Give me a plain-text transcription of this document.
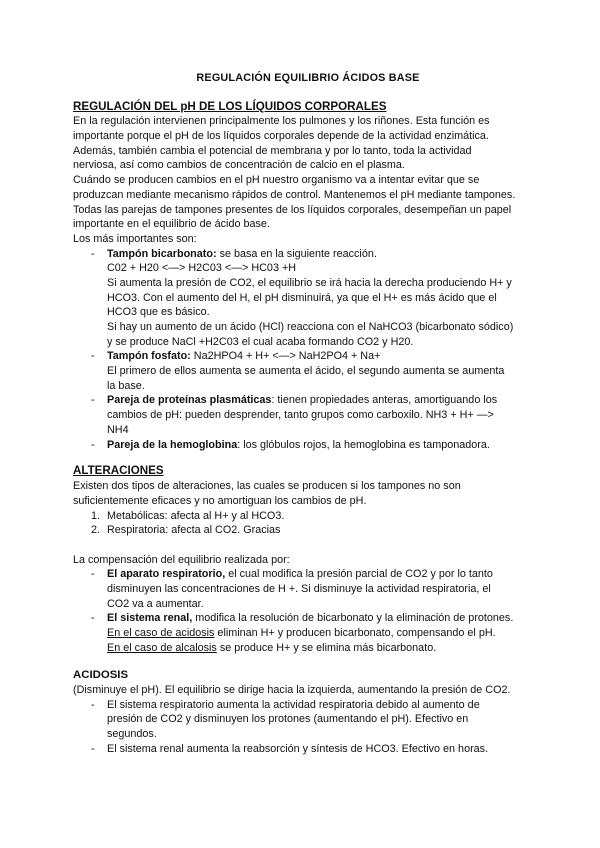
REGULACIÓN EQUILIBRIO ÁCIDOS BASE
REGULACIÓN DEL pH DE LOS LÍQUIDOS CORPORALES
En la regulación intervienen principalmente los pulmones y los riñones. Esta función es
importante porque el pH de los líquidos corporales depende de la actividad enzimática.
Además, también cambia el potencial de membrana y por lo tanto, toda la actividad
nerviosa, así como cambios de concentración de calcio en el plasma.
Cuándo se producen cambios en el pH nuestro organismo va a intentar evitar que se
produzcan mediante mecanismo rápidos de control. Mantenemos el pH mediante tampones.
Todas las parejas de tampones presentes de los líquidos corporales, desempeñan un papel
importante en el equilibrio de ácido base.
Los más importantes son:
- Tampón bicarbonato: se basa en la siguiente reacción.
C02 + H20 <—> H2C03 <—> HC03 +H
Si aumenta la presión de CO2, el equilibrio se irá hacia la derecha produciendo H+ y
HCO3. Con el aumento del H, el pH disminuirá, ya que el H+ es más ácido que el
HCO3 que es básico.
Si hay un aumento de un ácido (HCl) reacciona con el NaHCO3 (bicarbonato sódico)
y se produce NaCl +H2C03 el cual acaba formando CO2 y H20.
- Tampón fosfato: Na2HPO4 + H+ <—> NaH2PO4 + Na+
El primero de ellos aumenta se aumenta el ácido, el segundo aumenta se aumenta
la base.
- Pareja de proteínas plasmáticas: tienen propiedades anteras, amortiguando los
cambios de pH: pueden desprender, tanto grupos como carboxilo. NH3 + H+ —>
NH4
- Pareja de la hemoglobina: los glóbulos rojos, la hemoglobina es tamponadora.
ALTERACIONES
Existen dos tipos de alteraciones, las cuales se producen si los tampones no son
suficientemente eficaces y no amortiguan los cambios de pH.
1. Metabólicas: afecta al H+ y al HCO3.
2. Respiratoria: afecta al CO2. Gracias
La compensación del equilibrio realizada por:
- El aparato respiratorio, el cual modifica la presión parcial de CO2 y por lo tanto
disminuyen las concentraciones de H +. Si disminuye la actividad respiratoria, el
CO2 va a aumentar.
- El sistema renal, modifica la resolución de bicarbonato y la eliminación de protones.
En el caso de acidosis eliminan H+ y producen bicarbonato, compensando el pH.
En el caso de alcalosis se produce H+ y se elimina más bicarbonato.
ACIDOSIS
(Disminuye el pH). El equilibrio se dirige hacia la izquierda, aumentando la presión de CO2.
- El sistema respiratorio aumenta la actividad respiratoria debido al aumento de
presión de CO2 y disminuyen los protones (aumentando el pH). Efectivo en
segundos.
- El sistema renal aumenta la reabsorción y síntesis de HCO3. Efectivo en horas.
